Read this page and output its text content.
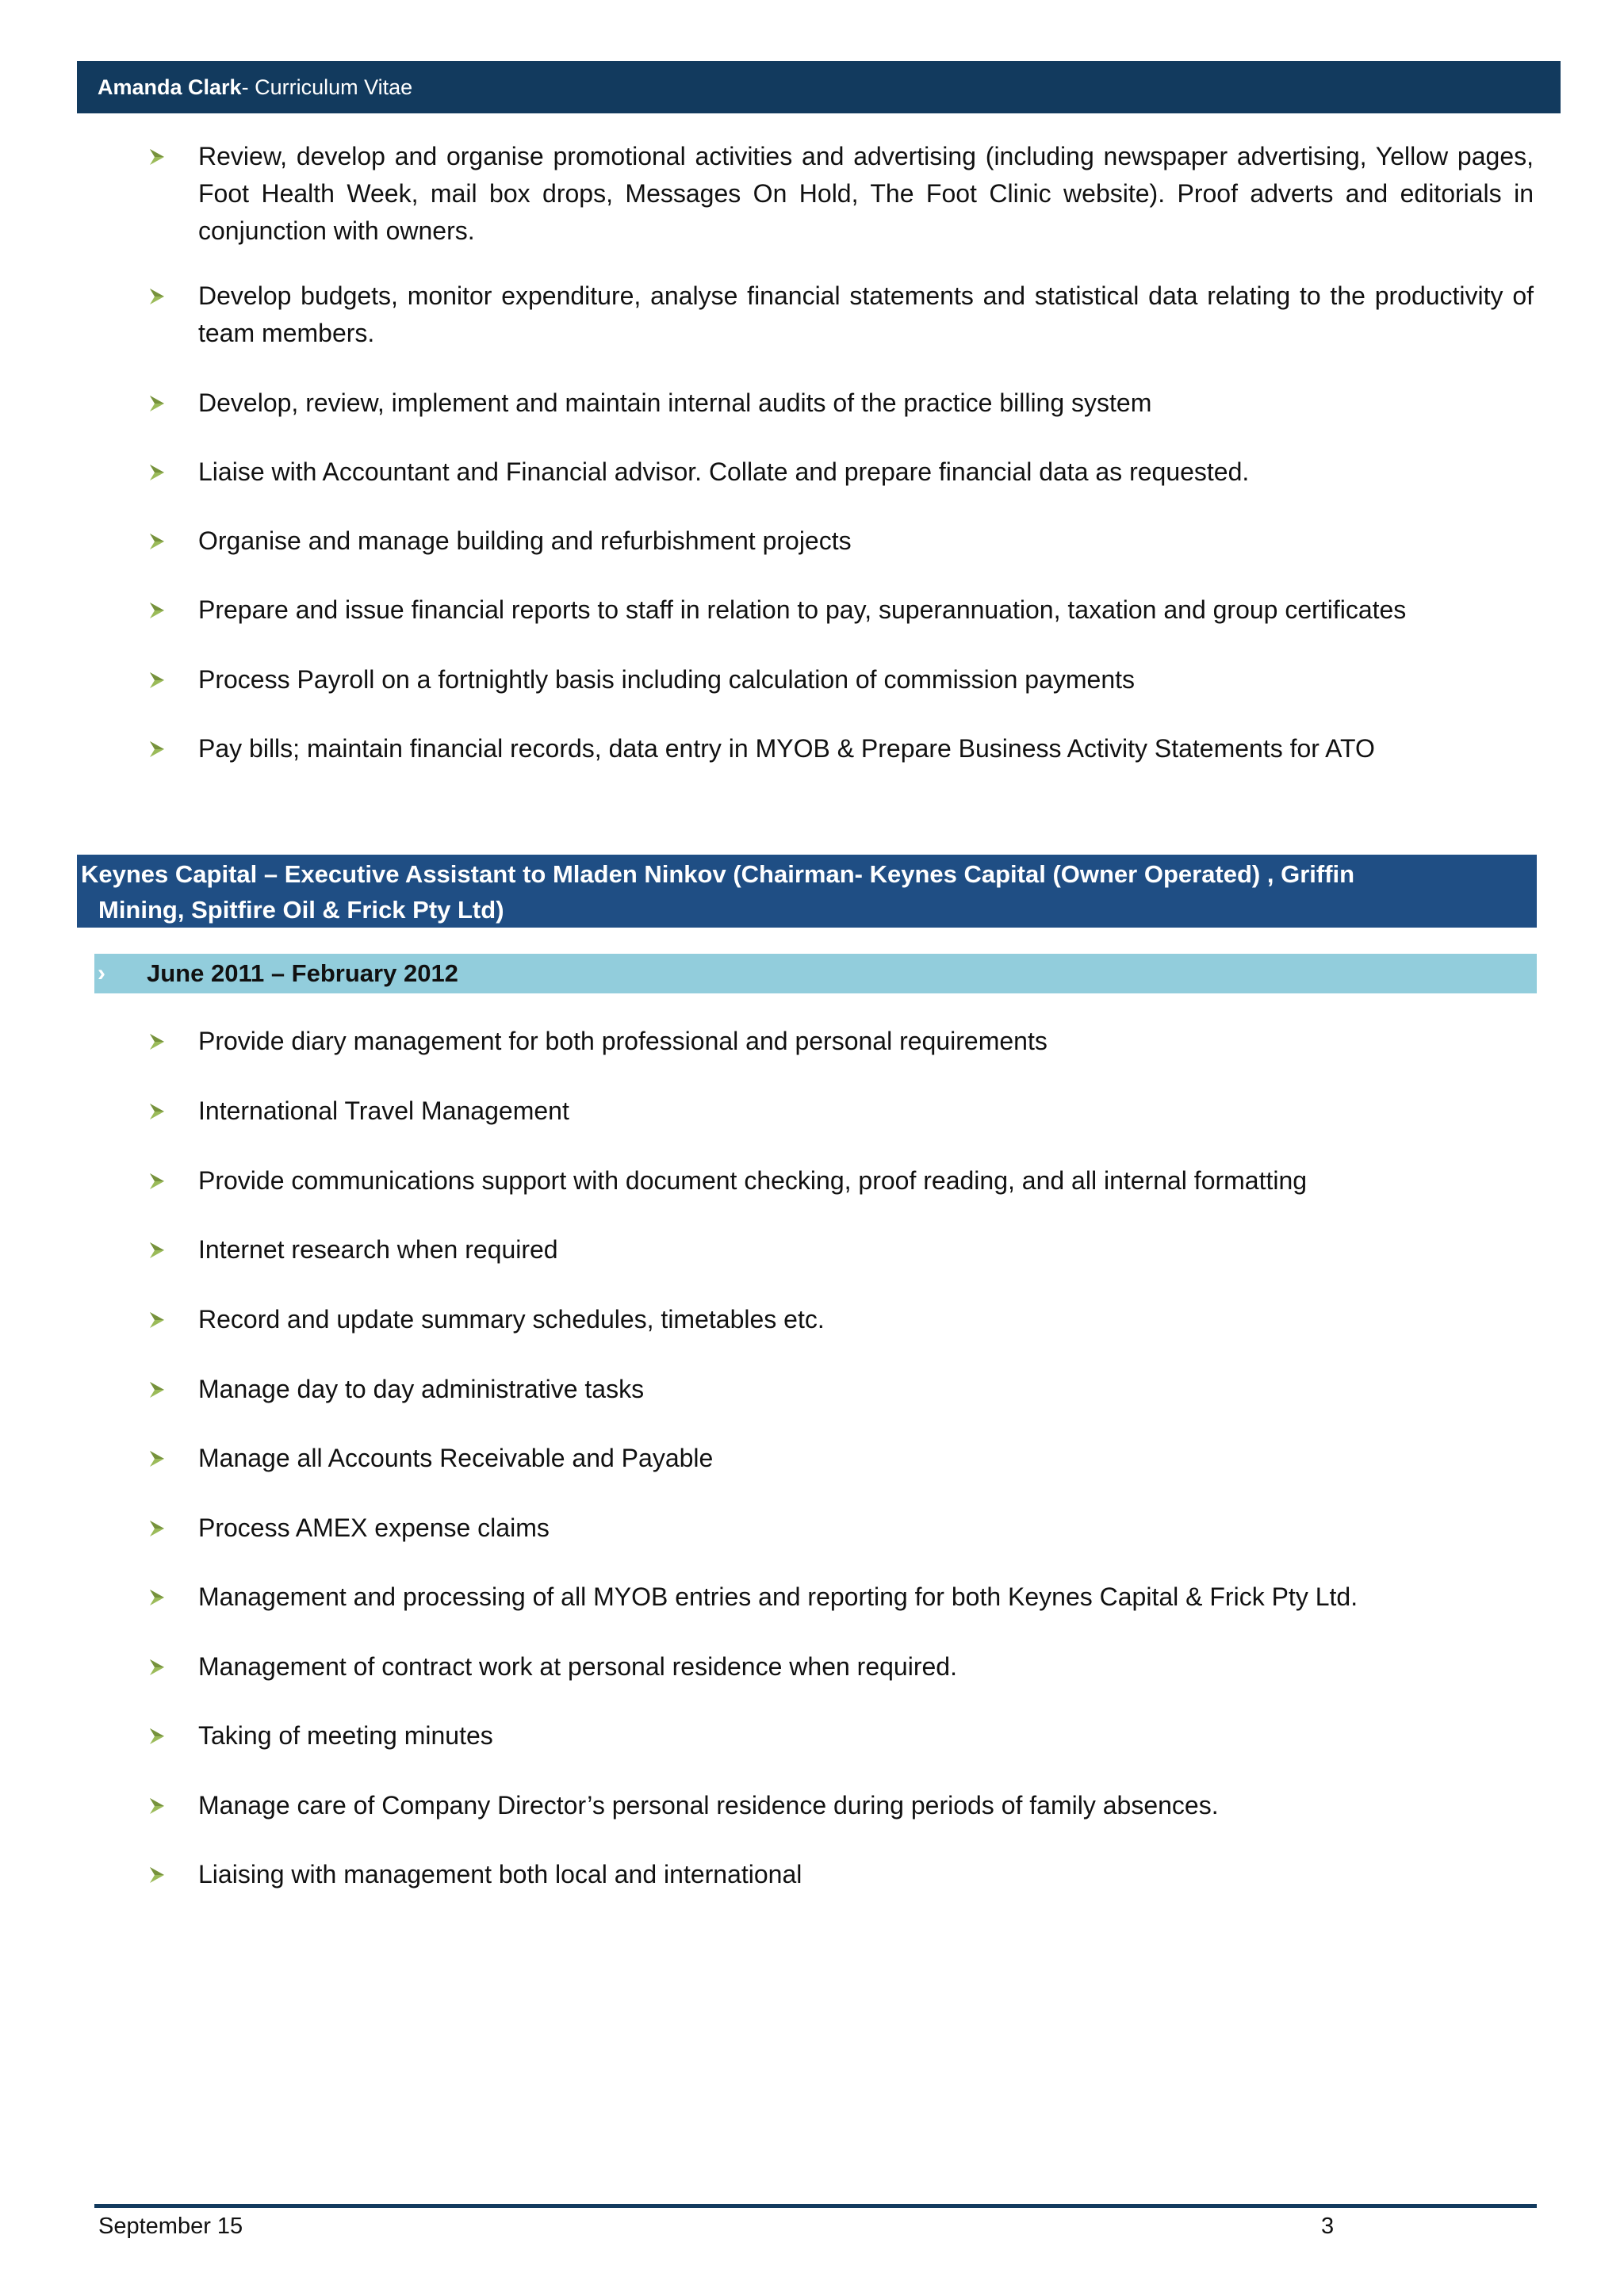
Amanda Clark - Curriculum Vitae
Review, develop and organise promotional activities and advertising (including newspaper advertising, Yellow pages, Foot Health Week, mail box drops, Messages On Hold, The Foot Clinic website). Proof adverts and editorials in conjunction with owners.
Develop budgets, monitor expenditure, analyse financial statements and statistical data relating to the productivity of team members.
Develop, review, implement and maintain internal audits of the practice billing system
Liaise with Accountant and Financial advisor. Collate and prepare financial data as requested.
Organise and manage building and refurbishment projects
Prepare and issue financial reports to staff in relation to pay, superannuation, taxation and group certificates
Process Payroll on a fortnightly basis including calculation of commission payments
Pay bills; maintain financial records, data entry in MYOB & Prepare Business Activity Statements for ATO
Keynes Capital – Executive Assistant to Mladen Ninkov (Chairman- Keynes Capital (Owner Operated) , Griffin
Mining, Spitfire Oil & Frick Pty Ltd)
›	June 2011 – February 2012
Provide diary management for both professional and personal requirements
International Travel Management
Provide communications support with document checking, proof reading, and all internal formatting
Internet research when required
Record and update summary schedules, timetables etc.
Manage day to day administrative tasks
Manage all Accounts Receivable and Payable
Process AMEX expense claims
Management and processing of all MYOB entries and reporting for both Keynes Capital & Frick Pty Ltd.
Management of contract work at personal residence when required.
Taking of meeting minutes
Manage care of Company Director’s personal residence during periods of family absences.
Liaising with management both local and international
September 15	3
